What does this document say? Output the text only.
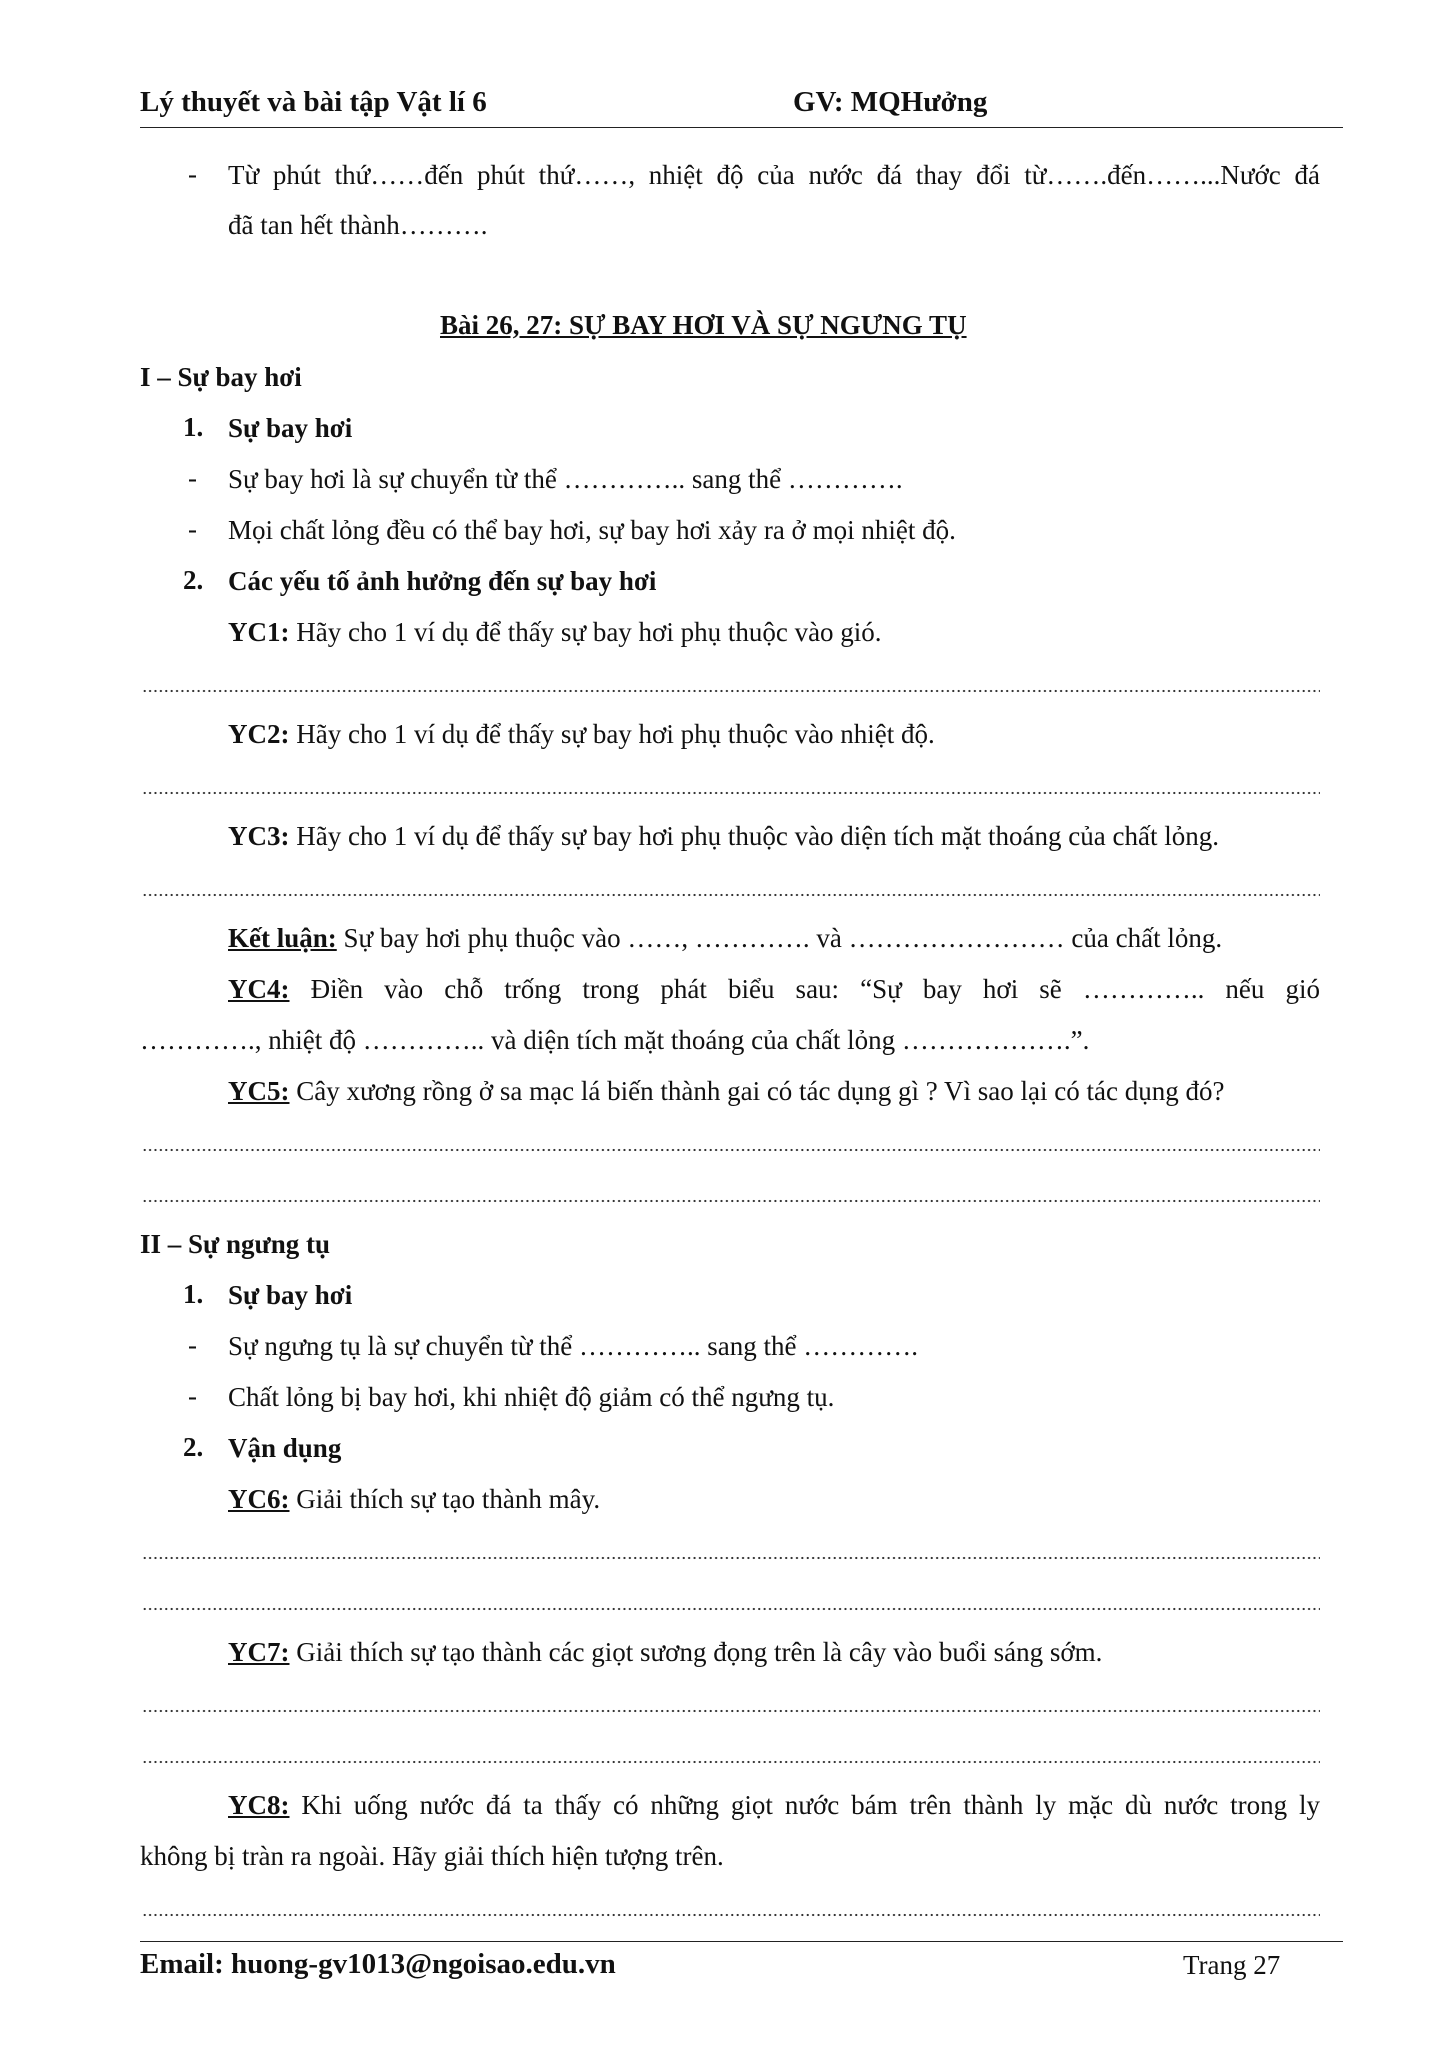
Lý thuyết và bài tập Vật lí 6	GV: MQHưởng
- Từ phút thứ……đến phút thứ……, nhiệt độ của nước đá thay đổi từ…….đến……...Nước đá
đã tan hết thành……….
Bài 26, 27: SỰ BAY HƠI VÀ SỰ NGƯNG TỤ
I – Sự bay hơi
1. Sự bay hơi
- Sự bay hơi là sự chuyển từ thể ………….. sang thể ………….
- Mọi chất lỏng đều có thể bay hơi, sự bay hơi xảy ra ở mọi nhiệt độ.
2. Các yếu tố ảnh hưởng đến sự bay hơi
YC1: Hãy cho 1 ví dụ để thấy sự bay hơi phụ thuộc vào gió.
YC2: Hãy cho 1 ví dụ để thấy sự bay hơi phụ thuộc vào nhiệt độ.
YC3: Hãy cho 1 ví dụ để thấy sự bay hơi phụ thuộc vào diện tích mặt thoáng của chất lỏng.
Kết luận: Sự bay hơi phụ thuộc vào ……, …………. và …………………… của chất lỏng.
YC4: Điền vào chỗ trống trong phát biểu sau: “Sự bay hơi sẽ ………….. nếu gió
…………., nhiệt độ ………….. và diện tích mặt thoáng của chất lỏng ……………….”.
YC5: Cây xương rồng ở sa mạc lá biến thành gai có tác dụng gì ? Vì sao lại có tác dụng đó?
II – Sự ngưng tụ
1. Sự bay hơi
- Sự ngưng tụ là sự chuyển từ thể ………….. sang thể ………….
- Chất lỏng bị bay hơi, khi nhiệt độ giảm có thể ngưng tụ.
2. Vận dụng
YC6: Giải thích sự tạo thành mây.
YC7: Giải thích sự tạo thành các giọt sương đọng trên là cây vào buổi sáng sớm.
YC8: Khi uống nước đá ta thấy có những giọt nước bám trên thành ly mặc dù nước trong ly
không bị tràn ra ngoài. Hãy giải thích hiện tượng trên.
Email: huong-gv1013@ngoisao.edu.vn	Trang 27
